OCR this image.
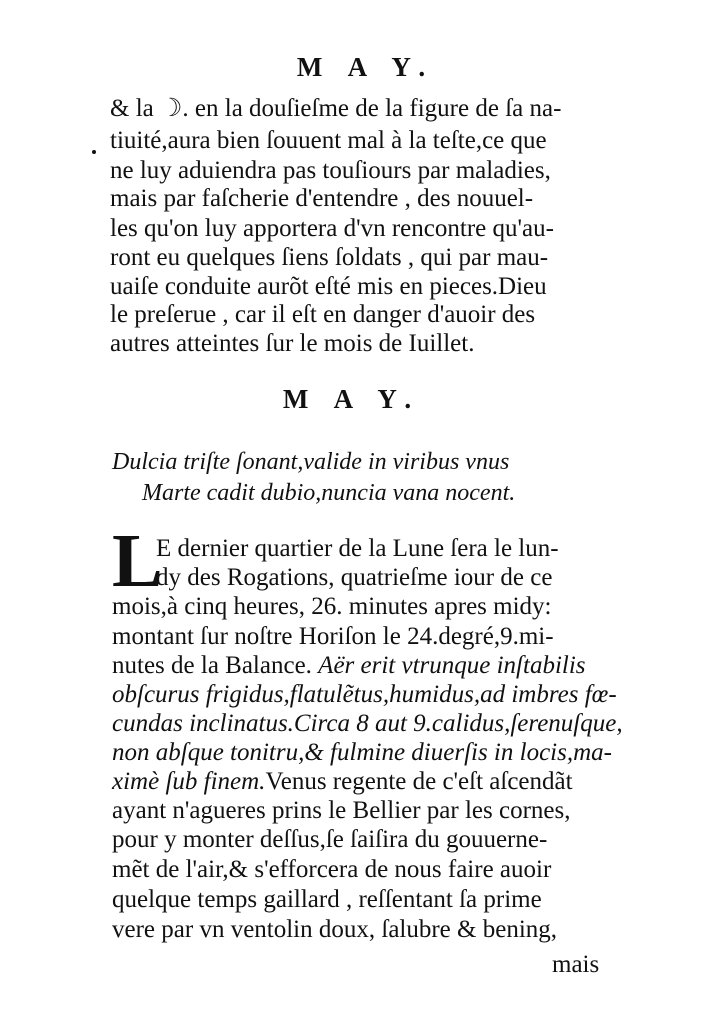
M A Y.
& la ☽. en la douſieſme de la figure de ſa na-
tiuité,aura bien ſouuent mal à la teſte,ce que
ne luy aduiendra pas touſiours par maladies,
mais par faſcherie d'entendre , des nouuel-
les qu'on luy apportera d'vn rencontre qu'au-
ront eu quelques ſiens ſoldats , qui par mau-
uaiſe conduite aurõt eſté mis en pieces.Dieu
le preſerue , car il eſt en danger d'auoir des
autres atteintes ſur le mois de Iuillet.
M A Y.
Dulcia triſte ſonant,valide in viribus vnus
Marte cadit dubio,nuncia vana nocent.
L
E dernier quartier de la Lune ſera le lun-
dy des Rogations, quatrieſme iour de ce
mois,à cinq heures, 26. minutes apres midy:
montant ſur noſtre Horiſon le 24.degré,9.mi-
nutes de la Balance. Aër erit vtrunque inſtabilis
obſcurus frigidus,flatulẽtus,humidus,ad imbres fœ-
cundas inclinatus.Circa 8 aut 9.calidus,ſerenuſque,
non abſque tonitru,& fulmine diuerſis in locis,ma-
ximè ſub finem.Venus regente de c'eſt aſcendãt
ayant n'agueres prins le Bellier par les cornes,
pour y monter deſſus,ſe ſaiſira du gouuerne-
mẽt de l'air,& s'efforcera de nous faire auoir
quelque temps gaillard , reſſentant ſa prime
vere par vn ventolin doux, ſalubre & bening,
mais
